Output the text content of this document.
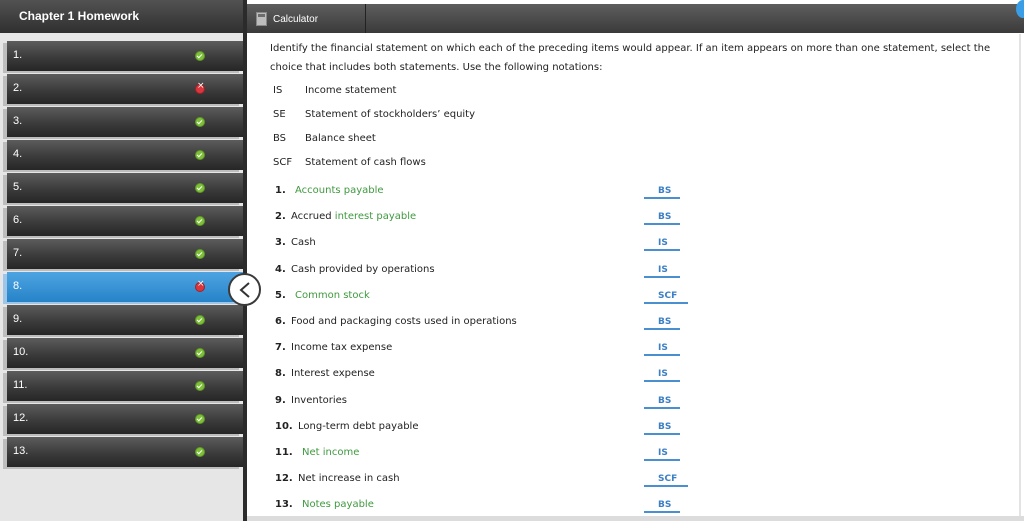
Chapter 1 Homework
1.
2.
×
3.
4.
5.
6.
7.
8.
×
9.
10.
11.
12.
13.
Calculator
Identify the financial statement on which each of the preceding items would appear. If an item appears on more than one statement, select the choice that includes both statements. Use the following notations:
IS Income statement
SE Statement of stockholders’ equity
BS Balance sheet
SCF Statement of cash flows
1. Accounts payable	BS
2. Accrued interest payable	BS
3. Cash	IS
4. Cash provided by operations	IS
5. Common stock	SCF
6. Food and packaging costs used in operations	BS
7. Income tax expense	IS
8. Interest expense	IS
9. Inventories	BS
10. Long-term debt payable	BS
11. Net income	IS
12. Net increase in cash	SCF
13. Notes payable	BS
